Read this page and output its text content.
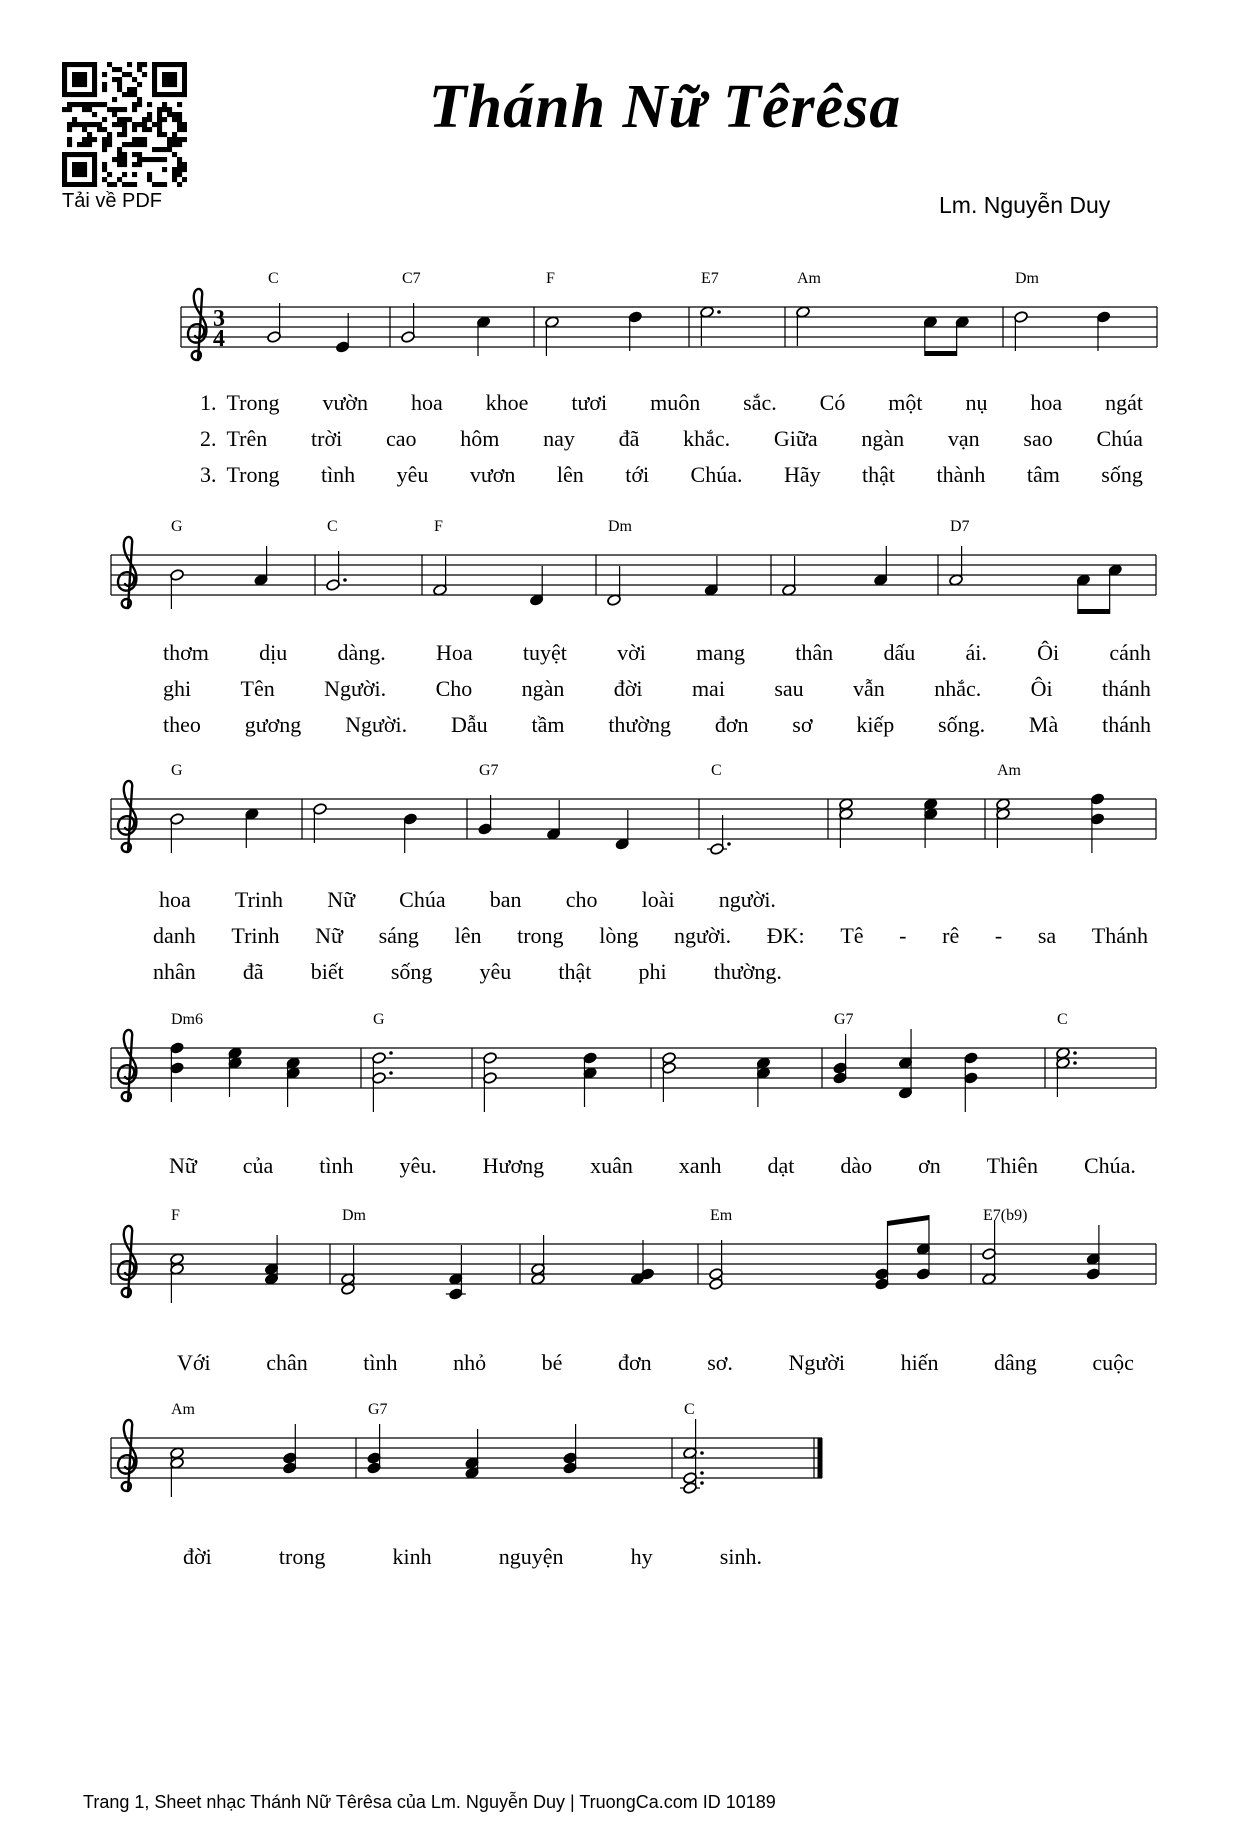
Tải về PDF
Thánh Nữ Têrêsa
Lm. Nguyễn Duy
3
4
C	C7	F	E7	Am	Dm
G	C	F	Dm	D7
G	G7	C	Am
Dm6	G	G7	C
F	Dm	Em	E7(b9)
Am	G7	C
1. Trong vườn hoa khoe tươi muôn sắc. Có một nụ hoa ngát
2. Trên trời cao hôm nay đã khắc. Giữa ngàn vạn sao Chúa
3. Trong tình yêu vươn lên tới Chúa. Hãy thật thành tâm sống
thơm dịu dàng. Hoa tuyệt vời mang thân dấu ái. Ôi cánh
ghi Tên Người. Cho ngàn đời mai sau vẫn nhắc. Ôi thánh
theo gương Người. Dẫu tầm thường đơn sơ kiếp sống. Mà thánh
hoa Trinh Nữ Chúa ban cho loài người.
danh Trinh Nữ sáng lên trong lòng người. ĐK: Tê - rê - sa Thánh
nhân đã biết sống yêu thật phi thường.
Nữ của tình yêu. Hương xuân xanh dạt dào ơn Thiên Chúa.
Với	chân	tình	nhỏ	bé	đơn	sơ.	Người	hiến	dâng	cuộc
đời	trong	kinh	nguyện	hy	sinh.
Trang 1, Sheet nhạc Thánh Nữ Têrêsa của Lm. Nguyễn Duy | TruongCa.com ID 10189
